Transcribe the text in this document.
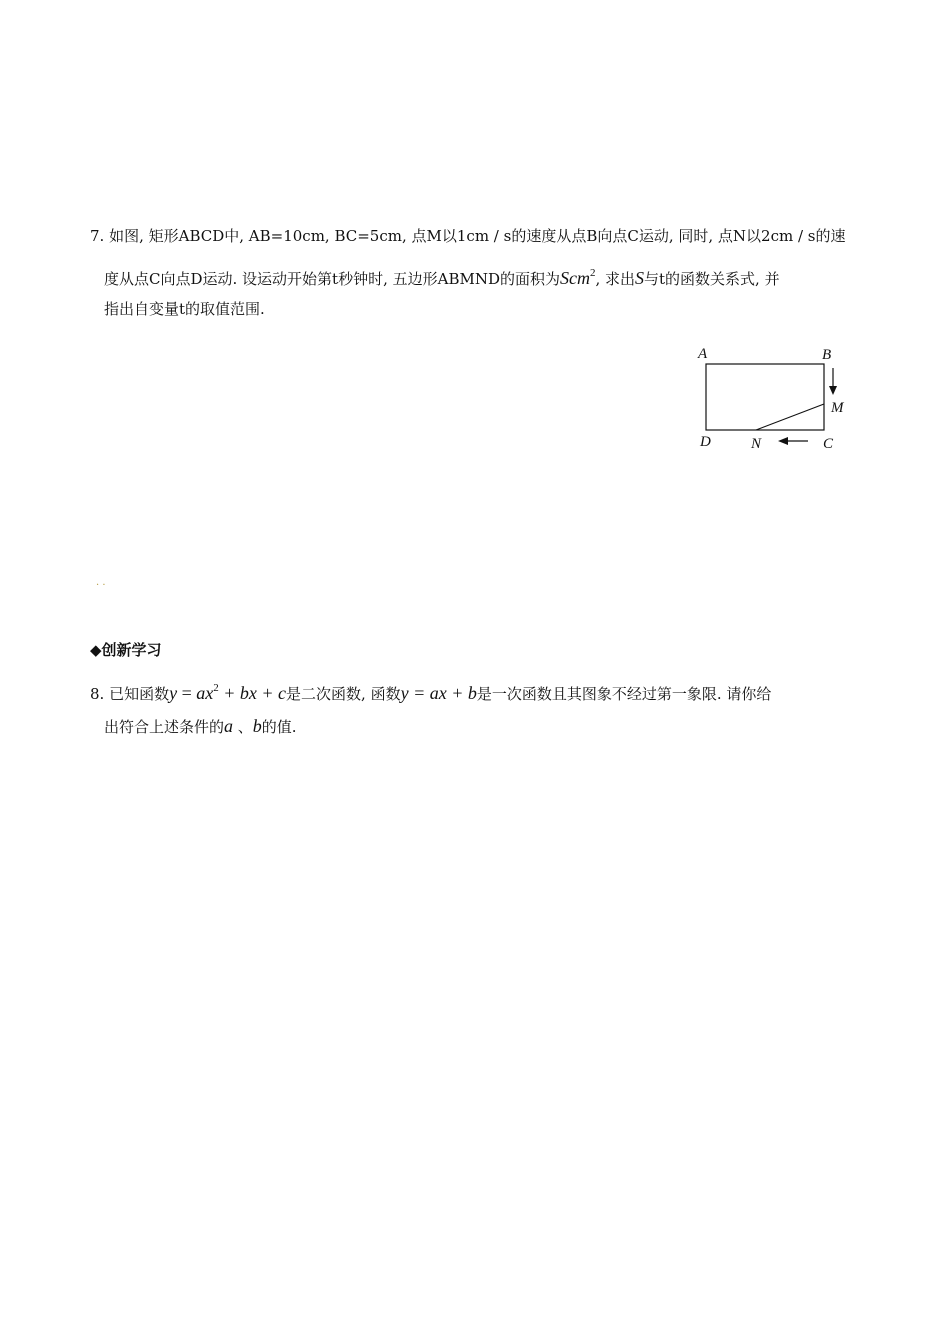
7. 如图, 矩形ABCD中, AB=10cm, BC=5cm, 点M以1cm / s的速度从点B向点C运动, 同时, 点N以2cm / s的速
度从点C向点D运动. 设运动开始第t秒钟时, 五边形ABMND的面积为Scm$^2$, 求出S与t的函数关系式, 并
指出自变量t的取值范围.
A	B
M
D	N	C
· ·
◆创新学习
8. 已知函数$y = ax^2$ + bx + c是二次函数, 函数y = ax + b是一次函数且其图象不经过第一象限. 请你给
出符合上述条件的a 、b的值.
